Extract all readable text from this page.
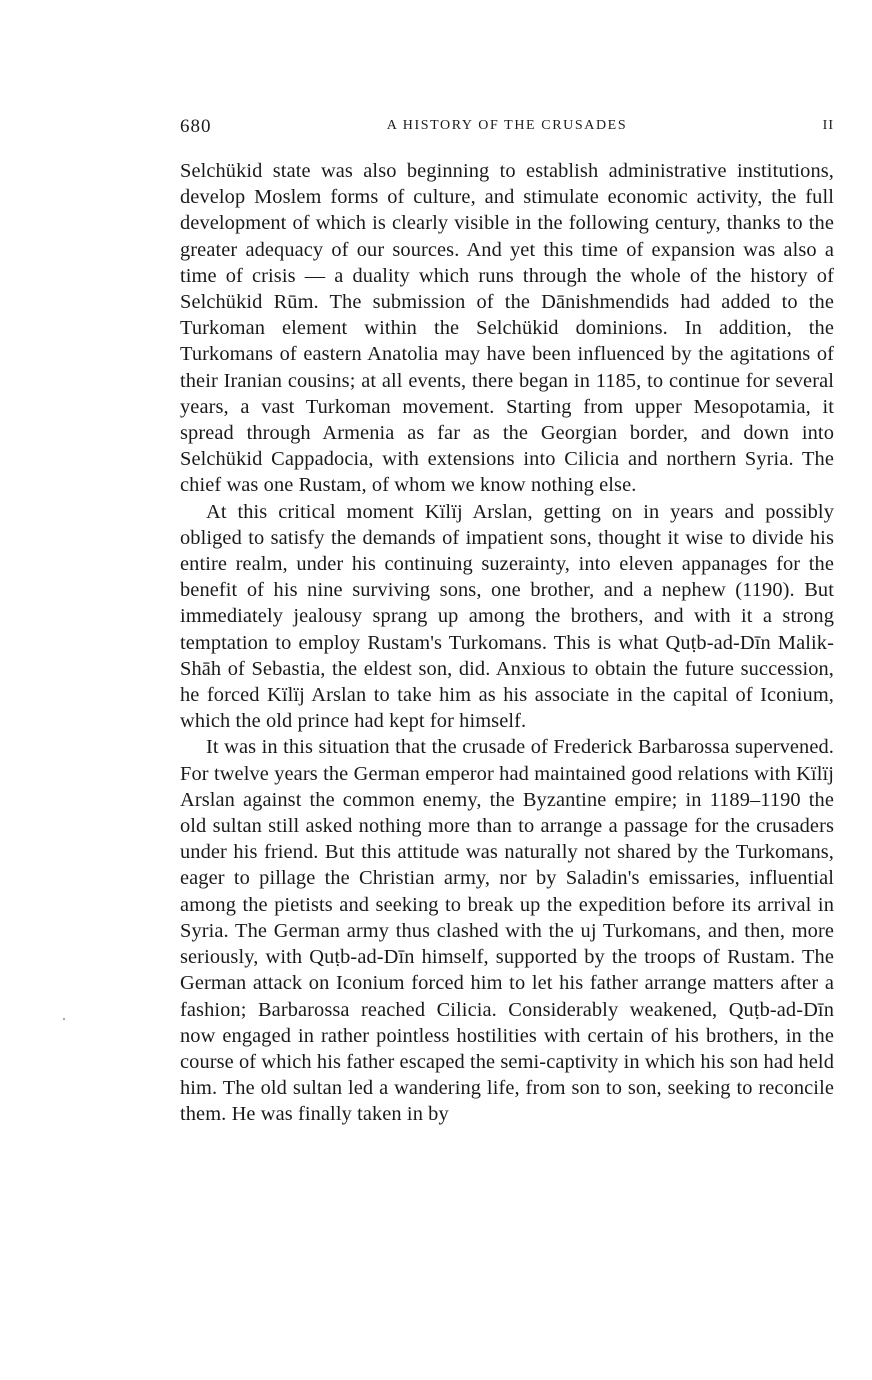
680	A HISTORY OF THE CRUSADES	II

Selchükid state was also beginning to establish administrative institutions, develop Moslem forms of culture, and stimulate economic activity, the full development of which is clearly visible in the following century, thanks to the greater adequacy of our sources. And yet this time of expansion was also a time of crisis — a duality which runs through the whole of the history of Selchükid Rūm. The submission of the Dānishmendids had added to the Turkoman element within the Selchükid dominions. In addition, the Turkomans of eastern Anatolia may have been influenced by the agitations of their Iranian cousins; at all events, there began in 1185, to continue for several years, a vast Turkoman movement. Starting from upper Mesopotamia, it spread through Armenia as far as the Georgian border, and down into Selchükid Cappadocia, with extensions into Cilicia and northern Syria. The chief was one Rustam, of whom we know nothing else.

At this critical moment Kïlïj Arslan, getting on in years and possibly obliged to satisfy the demands of impatient sons, thought it wise to divide his entire realm, under his continuing suzerainty, into eleven appanages for the benefit of his nine surviving sons, one brother, and a nephew (1190). But immediately jealousy sprang up among the brothers, and with it a strong temptation to employ Rustam's Turkomans. This is what Quṭb-ad-Dīn Malik-Shāh of Sebastia, the eldest son, did. Anxious to obtain the future succession, he forced Kïlïj Arslan to take him as his associate in the capital of Iconium, which the old prince had kept for himself.

It was in this situation that the crusade of Frederick Barbarossa supervened. For twelve years the German emperor had maintained good relations with Kïlïj Arslan against the common enemy, the Byzantine empire; in 1189–1190 the old sultan still asked nothing more than to arrange a passage for the crusaders under his friend. But this attitude was naturally not shared by the Turkomans, eager to pillage the Christian army, nor by Saladin's emissaries, influential among the pietists and seeking to break up the expedition before its arrival in Syria. The German army thus clashed with the uj Turkomans, and then, more seriously, with Quṭb-ad-Dīn himself, supported by the troops of Rustam. The German attack on Iconium forced him to let his father arrange matters after a fashion; Barbarossa reached Cilicia. Considerably weakened, Quṭb-ad-Dīn now engaged in rather pointless hostilities with certain of his brothers, in the course of which his father escaped the semi-captivity in which his son had held him. The old sultan led a wandering life, from son to son, seeking to reconcile them. He was finally taken in by
